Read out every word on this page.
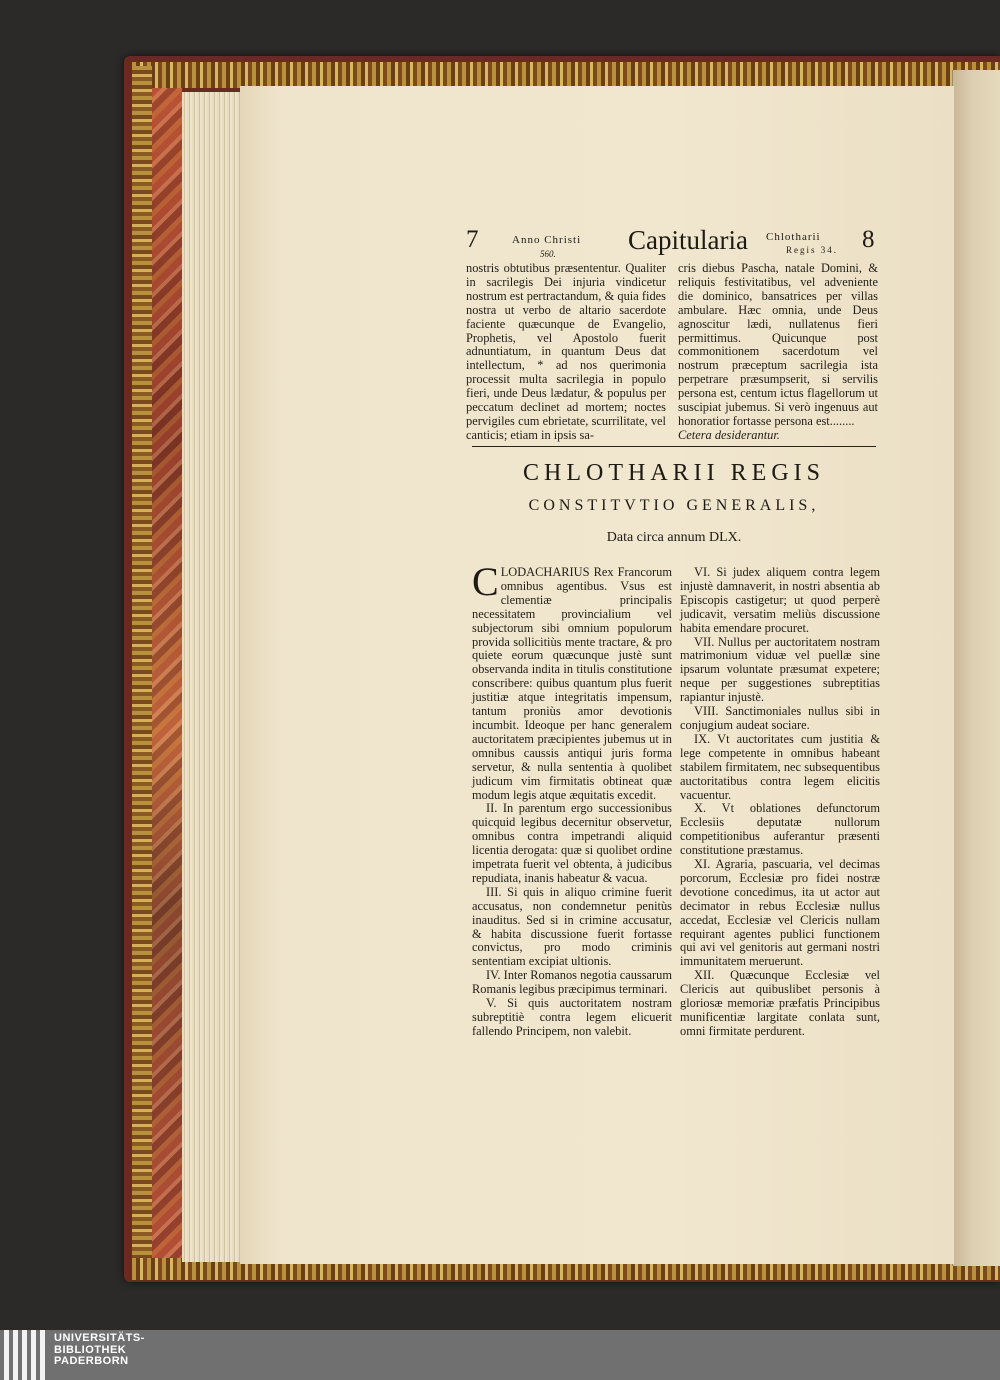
7	Anno Christi
560.	Capitularia Chlotharii
Regis 34. 8

nostris obtutibus præsententur. Qualiter in sacrilegis Dei injuria vindicetur nostrum est pertractandum, & quia fides nostra ut verbo de altario sacerdote faciente quæcunque de Evangelio, Prophetis, vel Apostolo fuerit adnuntiatum, in quantum Deus dat intellectum, * ad nos querimonia processit multa sacrilegia in populo fieri, unde Deus lædatur, & populus per peccatum declinet ad mortem; noctes pervigiles cum ebrietate, scurrilitate, vel canticis; etiam in ipsis sa-

cris diebus Pascha, natale Domini, & reliquis festivitatibus, vel adveniente die dominico, bansatrices per villas ambulare. Hæc omnia, unde Deus agnoscitur lædi, nullatenus fieri permittimus. Quicunque post commonitionem sacerdotum vel nostrum præceptum sacrilegia ista perpetrare præsumpserit, si servilis persona est, centum ictus flagellorum ut suscipiat jubemus. Si verò ingenuus aut honoratior fortasse persona est........

Cetera desiderantur.

CHLOTHARII REGIS
CONSTITVTIO GENERALIS,
Data circa annum DLX.

CLODACHARIUS Rex Francorum omnibus agentibus. Vsus est clementiæ principalis necessitatem provincialium vel subjectorum sibi omnium populorum provida sollicitiùs mente tractare, & pro quiete eorum quæcunque justè sunt observanda indita in titulis constitutione conscribere: quibus quantum plus fuerit justitiæ atque integritatis impensum, tantum proniùs amor devotionis incumbit. Ideoque per hanc generalem auctoritatem præcipientes jubemus ut in omnibus caussis antiqui juris forma servetur, & nulla sententia à quolibet judicum vim firmitatis obtineat quæ modum legis atque æquitatis excedit.

II. In parentum ergo successionibus quicquid legibus decernitur observetur, omnibus contra impetrandi aliquid licentia derogata: quæ si quolibet ordine impetrata fuerit vel obtenta, à judicibus repudiata, inanis habeatur & vacua.

III. Si quis in aliquo crimine fuerit accusatus, non condemnetur penitùs inauditus. Sed si in crimine accusatur, & habita discussione fuerit fortasse convictus, pro modo criminis sententiam excipiat ultionis.

IV. Inter Romanos negotia caussarum Romanis legibus præcipimus terminari.

V. Si quis auctoritatem nostram subreptitiè contra legem elicuerit fallendo Principem, non valebit.

VI. Si judex aliquem contra legem injustè damnaverit, in nostri absentia ab Episcopis castigetur; ut quod perperè judicavit, versatim meliùs discussione habita emendare procuret.

VII. Nullus per auctoritatem nostram matrimonium viduæ vel puellæ sine ipsarum voluntate præsumat expetere; neque per suggestiones subreptitias rapiantur injustè.

VIII. Sanctimoniales nullus sibi in conjugium audeat sociare.

IX. Vt auctoritates cum justitia & lege competente in omnibus habeant stabilem firmitatem, nec subsequentibus auctoritatibus contra legem elicitis vacuentur.

X. Vt oblationes defunctorum Ecclesiis deputatæ nullorum competitionibus auferantur præsenti constitutione præstamus.

XI. Agraria, pascuaria, vel decimas porcorum, Ecclesiæ pro fidei nostræ devotione concedimus, ita ut actor aut decimator in rebus Ecclesiæ nullus accedat, Ecclesiæ vel Clericis nullam requirant agentes publici functionem qui avi vel genitoris aut germani nostri immunitatem meruerunt.

XII. Quæcunque Ecclesiæ vel Clericis aut quibuslibet personis à gloriosæ memoriæ præfatis Principibus munificentiæ largitate conlata sunt, omni firmitate perdurent.

UNIVERSITÄTS-
BIBLIOTHEK
PADERBORN
